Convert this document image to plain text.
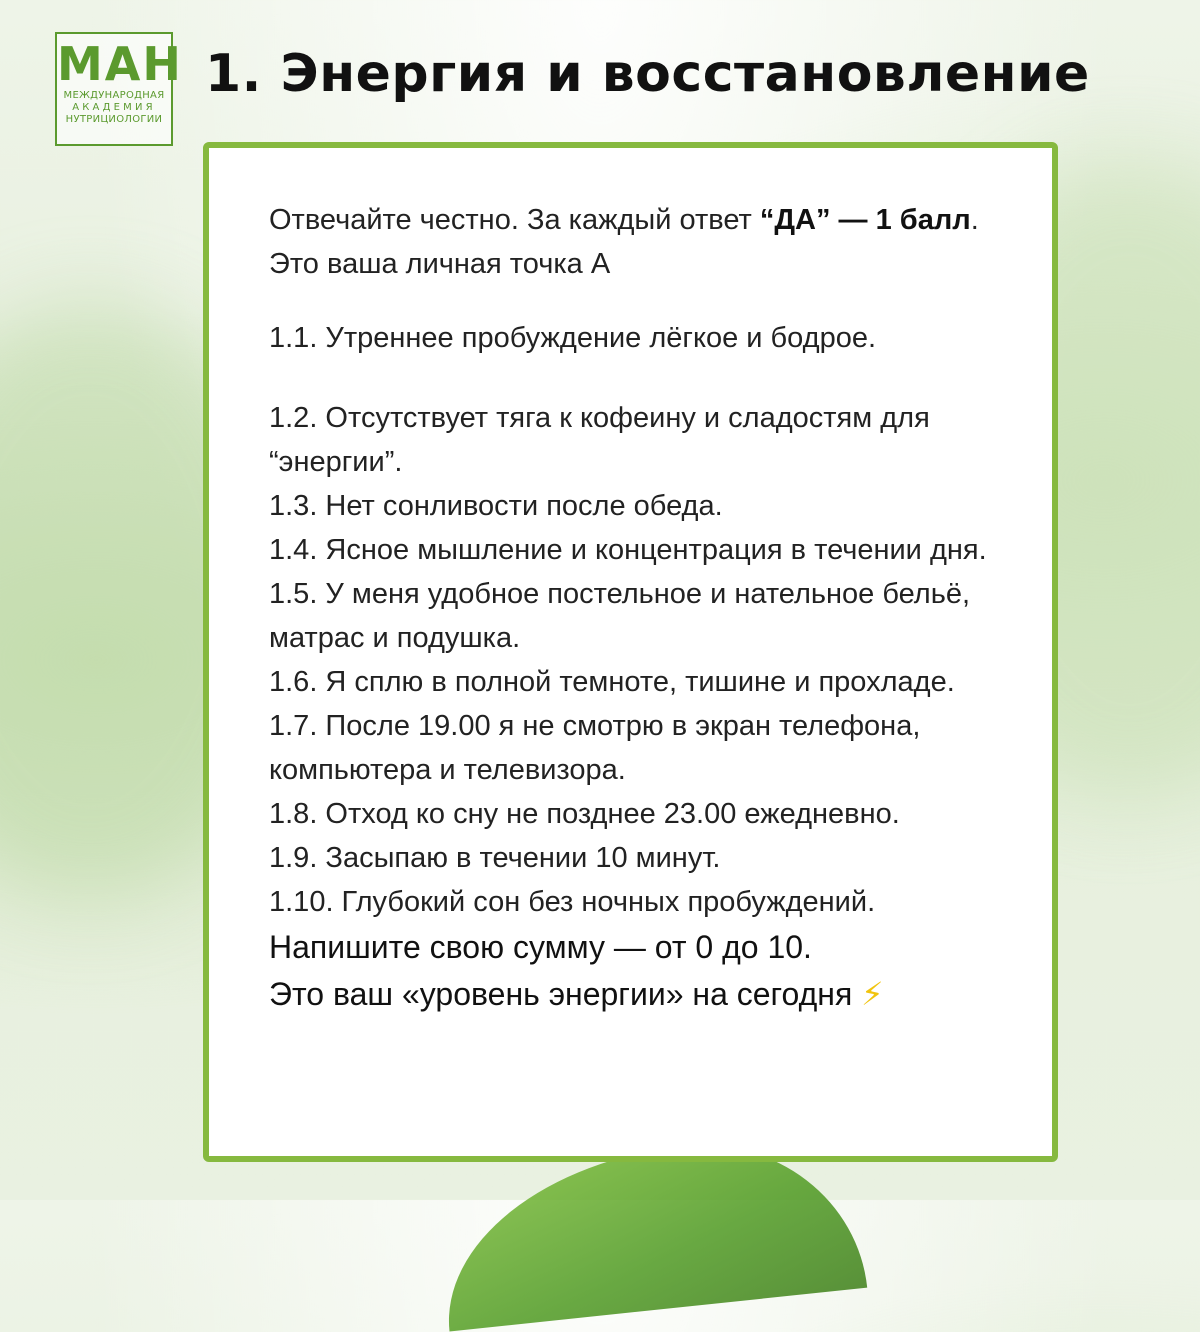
МАН
МЕЖДУНАРОДНАЯ
АКАДЕМИЯ
НУТРИЦИОЛОГИИ
1. Энергия и восстановление

Отвечайте честно. За каждый ответ “ДА” — 1 балл. Это ваша личная точка А

1.1. Утреннее пробуждение лёгкое и бодрое.

1.2. Отсутствует тяга к кофеину и сладостям для “энергии”.

1.3. Нет сонливости после обеда.

1.4. Ясное мышление и концентрация в течении дня.

1.5. У меня удобное постельное и нательное бельё, матрас и подушка.

1.6. Я сплю в полной темноте, тишине и прохладе.

1.7. После 19.00 я не смотрю в экран телефона, компьютера и телевизора.

1.8. Отход ко сну не позднее 23.00 ежедневно.

1.9. Засыпаю в течении 10 минут.

1.10. Глубокий сон без ночных пробуждений.

Напишите свою сумму — от 0 до 10.

Это ваш «уровень энергии» на сегодня ⚡
